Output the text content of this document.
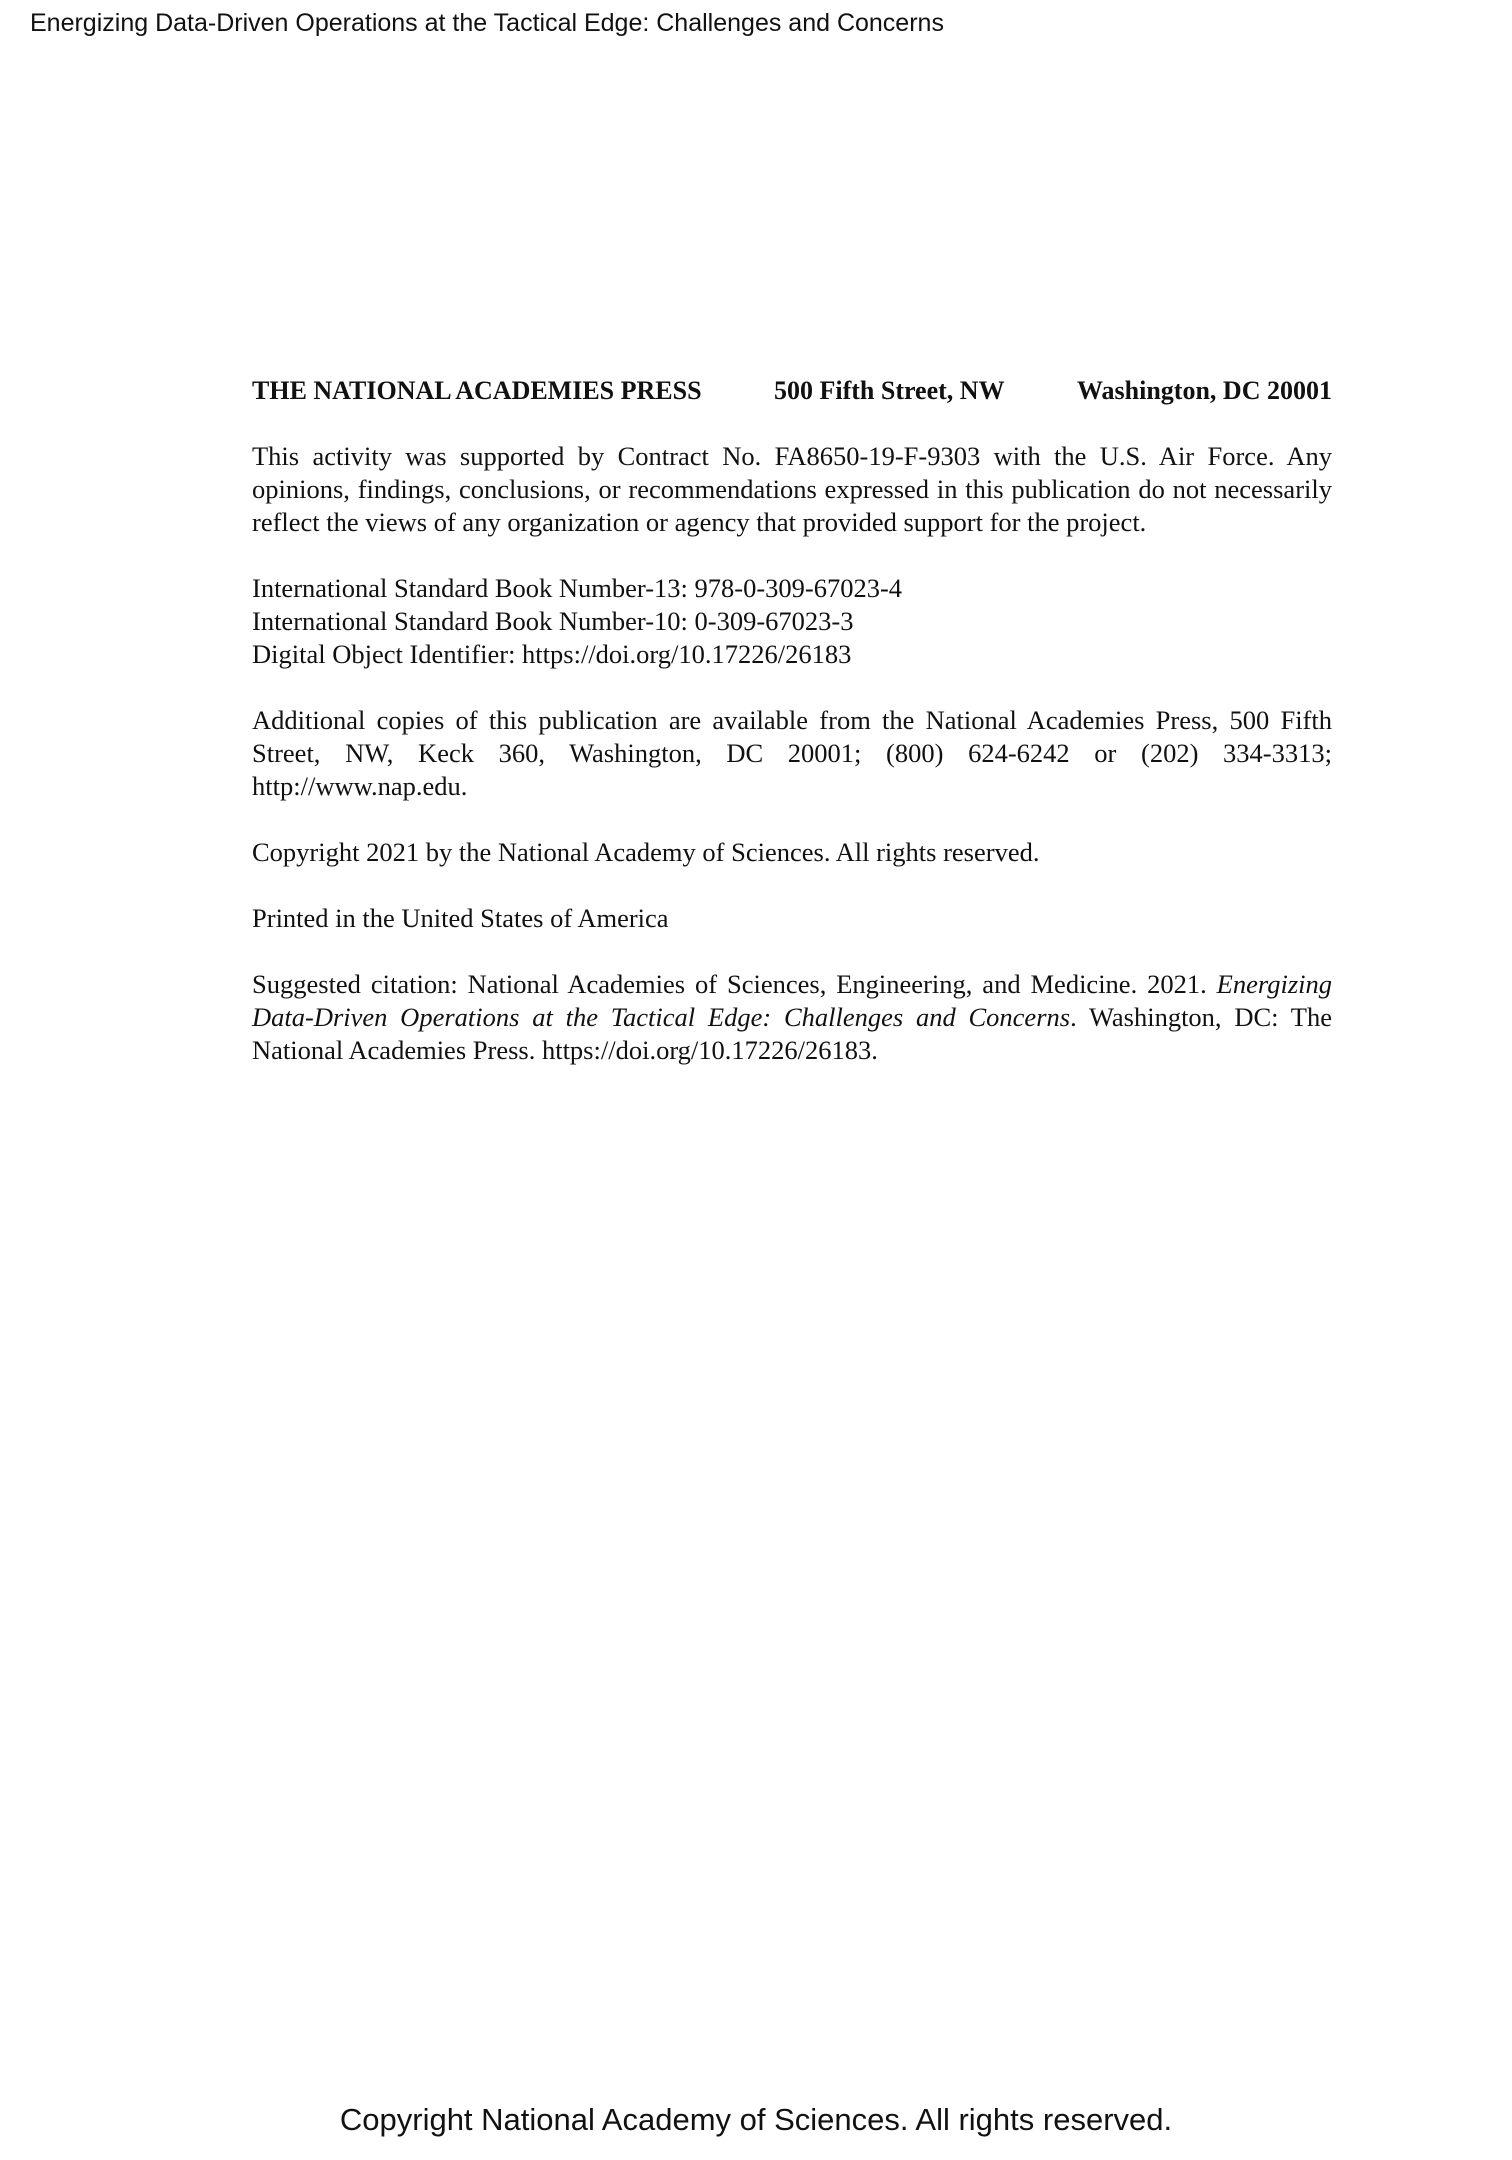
Energizing Data-Driven Operations at the Tactical Edge: Challenges and Concerns
THE NATIONAL ACADEMIES PRESS	500 Fifth Street, NW	Washington, DC 20001

This activity was supported by Contract No. FA8650-19-F-9303 with the U.S. Air Force. Any opinions, findings, conclusions, or recommendations expressed in this publication do not necessarily reflect the views of any organization or agency that provided support for the project.

International Standard Book Number-13: 978-0-309-67023-4
International Standard Book Number-10: 0-309-67023-3
Digital Object Identifier: https://doi.org/10.17226/26183

Additional copies of this publication are available from the National Academies Press, 500 Fifth Street, NW, Keck 360, Washington, DC 20001; (800) 624-6242 or (202) 334-3313; http://www.nap.edu.

Copyright 2021 by the National Academy of Sciences. All rights reserved.

Printed in the United States of America

Suggested citation: National Academies of Sciences, Engineering, and Medicine. 2021. Energizing Data-Driven Operations at the Tactical Edge: Challenges and Concerns. Washington, DC: The National Academies Press. https://doi.org/10.17226/26183.

Copyright National Academy of Sciences. All rights reserved.
